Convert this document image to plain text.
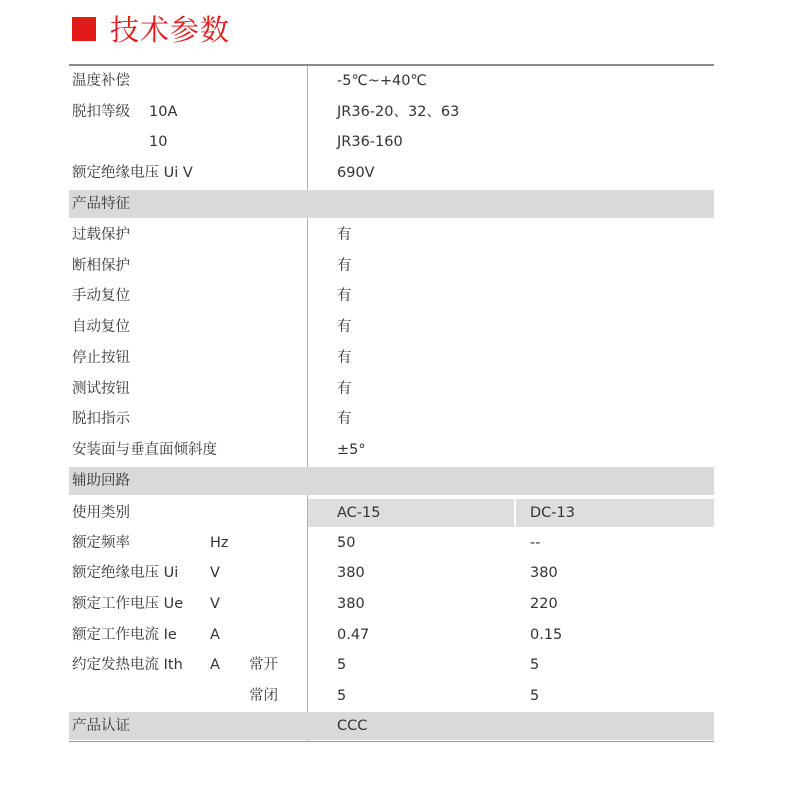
技术参数
温度补偿	-5℃~+40℃
脱扣等级 10A	JR36-20、32、63
10	JR36-160
额定绝缘电压 Ui V	690V
产品特征
过载保护	有
断相保护	有
手动复位	有
自动复位	有
停止按钮	有
测试按钮	有
脱扣指示	有
安装面与垂直面倾斜度	±5°
辅助回路
使用类别	AC-15	DC-13
额定频率	Hz	50	--
额定绝缘电压 Ui V	380	380
额定工作电压 Ue V	380	220
额定工作电流 Ie A	0.47	0.15
约定发热电流 Ith A 常开	5	5
常闭	5	5
产品认证	CCC
